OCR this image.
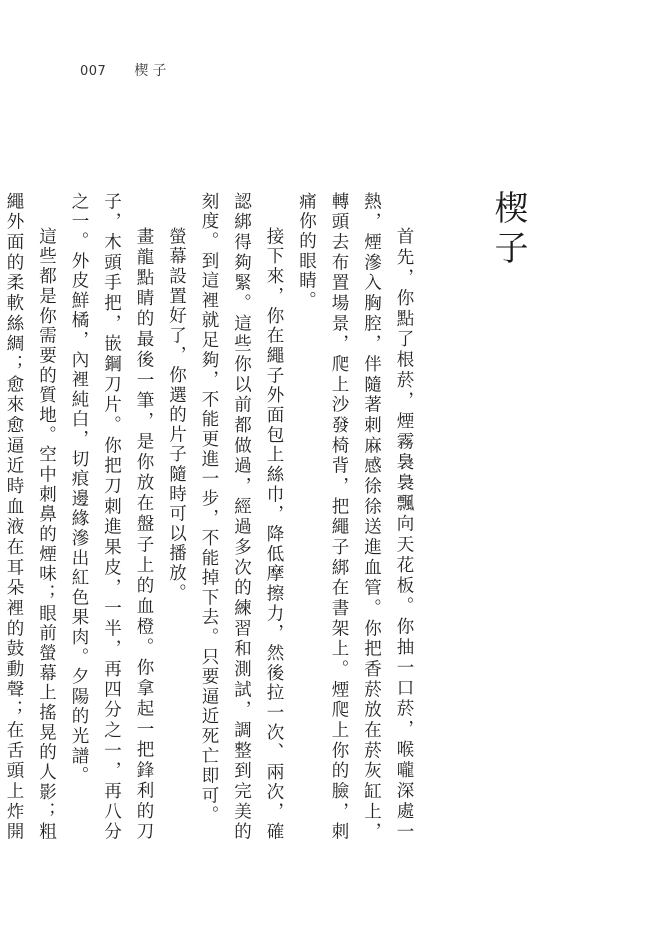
007 楔子
楔子

首先，你點了根菸，煙霧裊裊飄向天花板。你抽一口菸，喉嚨深處一熱，煙滲入胸腔，伴隨著刺麻感徐徐送進血管。你把香菸放在菸灰缸上，轉頭去布置場景，爬上沙發椅背，把繩子綁在書架上。煙爬上你的臉，刺痛你的眼睛。

接下來，你在繩子外面包上絲巾，降低摩擦力，然後拉一次、兩次，確認綁得夠緊。這些你以前都做過，經過多次的練習和測試，調整到完美的刻度。到這裡就足夠，不能更進一步，不能掉下去。只要逼近死亡即可。

螢幕設置好了，你選的片子隨時可以播放。

畫龍點睛的最後一筆，是你放在盤子上的血橙。你拿起一把鋒利的刀子，木頭手把，嵌鋼刀片。你把刀刺進果皮，一半，再四分之一，再八分之一。外皮鮮橘，內裡純白，切痕邊緣滲出紅色果肉。夕陽的光譜。

這些都是你需要的質地。空中刺鼻的煙味；眼前螢幕上搖晃的人影；粗繩外面的柔軟絲綢；愈來愈逼近時血液在耳朵裡的鼓動聲；在舌頭上炸開
